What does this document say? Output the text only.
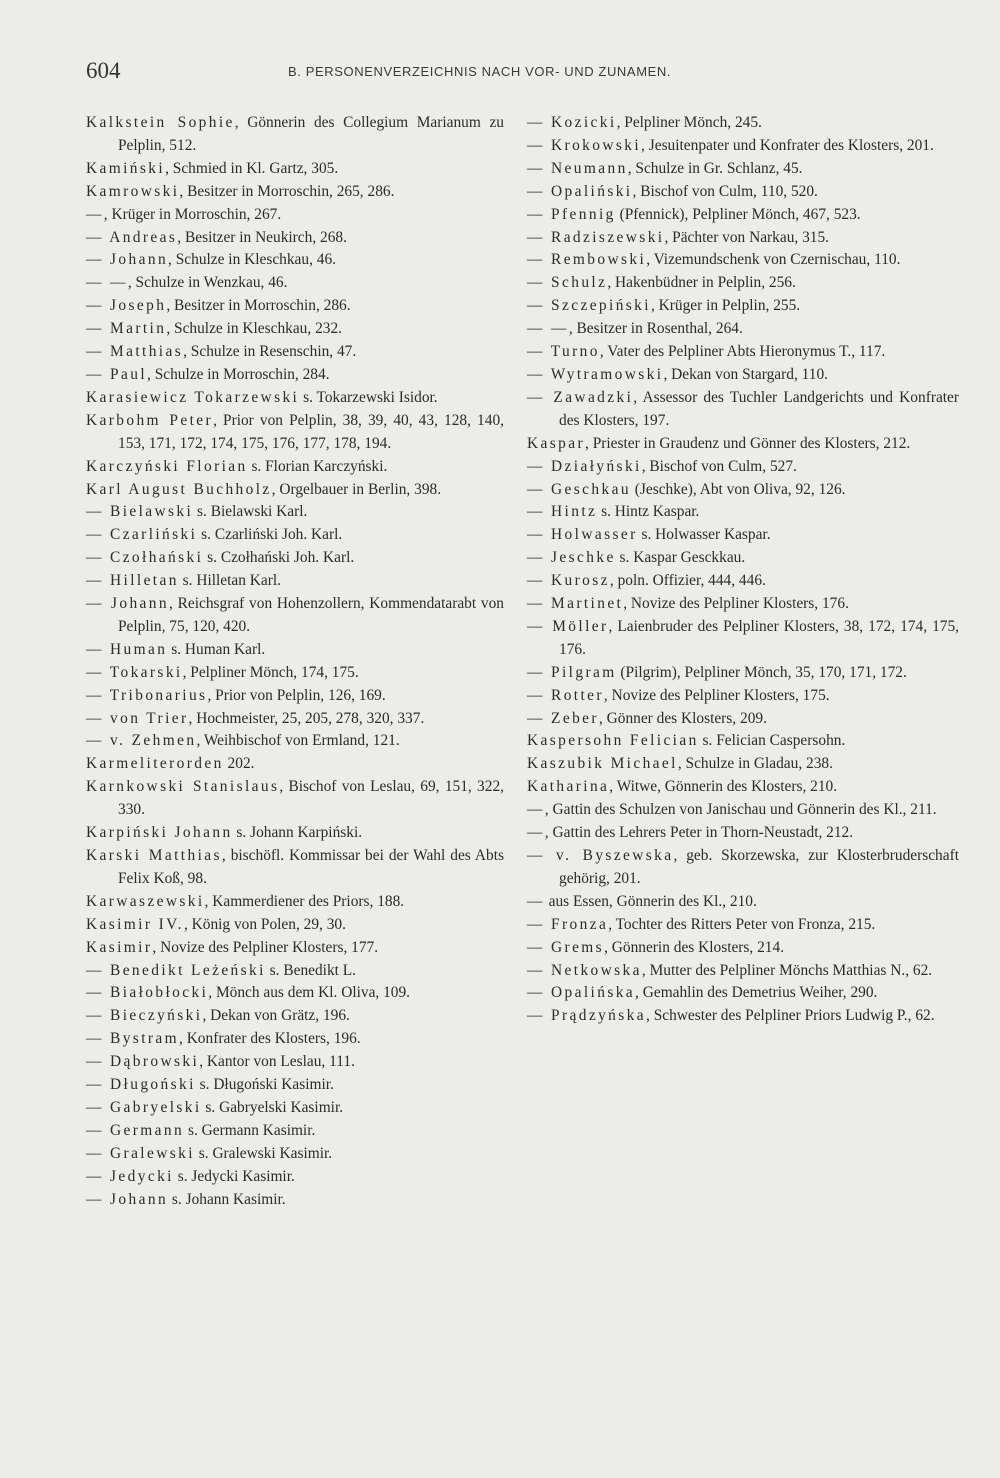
604	B. PERSONENVERZEICHNIS NACH VOR- UND ZUNAMEN.

Kalkstein Sophie, Gönnerin des Collegium Marianum zu Pelplin, 512.

Kamiński, Schmied in Kl. Gartz, 305.

Kamrowski, Besitzer in Morroschin, 265, 286.

—, Krüger in Morroschin, 267.

— Andreas, Besitzer in Neukirch, 268.

— Johann, Schulze in Kleschkau, 46.

— —, Schulze in Wenzkau, 46.

— Joseph, Besitzer in Morroschin, 286.

— Martin, Schulze in Kleschkau, 232.

— Matthias, Schulze in Resenschin, 47.

— Paul, Schulze in Morroschin, 284.

Karasiewicz Tokarzewski s. Tokarzewski Isidor.

Karbohm Peter, Prior von Pelplin, 38, 39, 40, 43, 128, 140, 153, 171, 172, 174, 175, 176, 177, 178, 194.

Karczyński Florian s. Florian Karczyński.

Karl August Buchholz, Orgelbauer in Berlin, 398.

— Bielawski s. Bielawski Karl.

— Czarliński s. Czarliński Joh. Karl.

— Czołhański s. Czołhański Joh. Karl.

— Hilletan s. Hilletan Karl.

— Johann, Reichsgraf von Hohenzollern, Kommendatarabt von Pelplin, 75, 120, 420.

— Human s. Human Karl.

— Tokarski, Pelpliner Mönch, 174, 175.

— Tribonarius, Prior von Pelplin, 126, 169.

— von Trier, Hochmeister, 25, 205, 278, 320, 337.

— v. Zehmen, Weihbischof von Ermland, 121.

Karmeliterorden 202.

Karnkowski Stanislaus, Bischof von Leslau, 69, 151, 322, 330.

Karpiński Johann s. Johann Karpiński.

Karski Matthias, bischöfl. Kommissar bei der Wahl des Abts Felix Koß, 98.

Karwaszewski, Kammerdiener des Priors, 188.

Kasimir IV., König von Polen, 29, 30.

Kasimir, Novize des Pelpliner Klosters, 177.

— Benedikt Leżeński s. Benedikt L.

— Białobłocki, Mönch aus dem Kl. Oliva, 109.

— Bieczyński, Dekan von Grätz, 196.

— Bystram, Konfrater des Klosters, 196.

— Dąbrowski, Kantor von Leslau, 111.

— Długoński s. Długoński Kasimir.

— Gabryelski s. Gabryelski Kasimir.

— Germann s. Germann Kasimir.

— Gralewski s. Gralewski Kasimir.

— Jedycki s. Jedycki Kasimir.

— Johann s. Johann Kasimir.

— Kozicki, Pelpliner Mönch, 245.

— Krokowski, Jesuitenpater und Konfrater des Klosters, 201.

— Neumann, Schulze in Gr. Schlanz, 45.

— Opaliński, Bischof von Culm, 110, 520.

— Pfennig (Pfennick), Pelpliner Mönch, 467, 523.

— Radziszewski, Pächter von Narkau, 315.

— Rembowski, Vizemundschenk von Czernischau, 110.

— Schulz, Hakenbüdner in Pelplin, 256.

— Szczepiński, Krüger in Pelplin, 255.

— —, Besitzer in Rosenthal, 264.

— Turno, Vater des Pelpliner Abts Hieronymus T., 117.

— Wytramowski, Dekan von Stargard, 110.

— Zawadzki, Assessor des Tuchler Landgerichts und Konfrater des Klosters, 197.

Kaspar, Priester in Graudenz und Gönner des Klosters, 212.

— Działyński, Bischof von Culm, 527.

— Geschkau (Jeschke), Abt von Oliva, 92, 126.

— Hintz s. Hintz Kaspar.

— Holwasser s. Holwasser Kaspar.

— Jeschke s. Kaspar Gesckkau.

— Kurosz, poln. Offizier, 444, 446.

— Martinet, Novize des Pelpliner Klosters, 176.

— Möller, Laienbruder des Pelpliner Klosters, 38, 172, 174, 175, 176.

— Pilgram (Pilgrim), Pelpliner Mönch, 35, 170, 171, 172.

— Rotter, Novize des Pelpliner Klosters, 175.

— Zeber, Gönner des Klosters, 209.

Kaspersohn Felician s. Felician Caspersohn.

Kaszubik Michael, Schulze in Gladau, 238.

Katharina, Witwe, Gönnerin des Klosters, 210.

—, Gattin des Schulzen von Janischau und Gönnerin des Kl., 211.

—, Gattin des Lehrers Peter in Thorn-Neustadt, 212.

— v. Byszewska, geb. Skorzewska, zur Klosterbruderschaft gehörig, 201.

— aus Essen, Gönnerin des Kl., 210.

— Fronza, Tochter des Ritters Peter von Fronza, 215.

— Grems, Gönnerin des Klosters, 214.

— Netkowska, Mutter des Pelpliner Mönchs Matthias N., 62.

— Opalińska, Gemahlin des Demetrius Weiher, 290.

— Prądzyńska, Schwester des Pelpliner Priors Ludwig P., 62.
